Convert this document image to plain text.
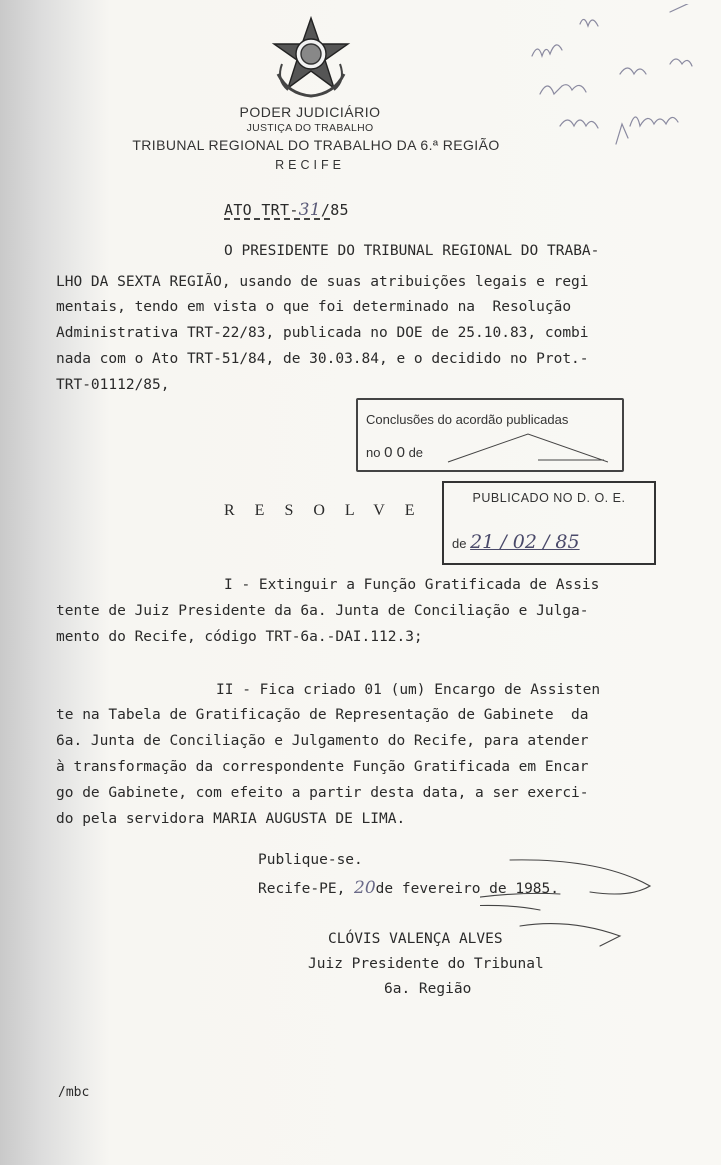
PODER JUDICIÁRIO
JUSTIÇA DO TRABALHO
TRIBUNAL REGIONAL DO TRABALHO DA 6.ª REGIÃO
RECIFE
ATO TRT-31/85
O PRESIDENTE DO TRIBUNAL REGIONAL DO TRABA-
LHO DA SEXTA REGIÃO, usando de suas atribuições legais e regi
mentais, tendo em vista o que foi determinado na  Resolução
Administrativa TRT-22/83, publicada no DOE de 25.10.83, combi
nada com o Ato TRT-51/84, de 30.03.84, e o decidido no Prot.-
TRT-01112/85,
Conclusões do acordão publicadas
no 0 0 de
RESOLVE
PUBLICADO NO D. O. E.
de 21 / 02 / 85
I - Extinguir a Função Gratificada de Assis
tente de Juiz Presidente da 6a. Junta de Conciliação e Julga-
mento do Recife, código TRT-6a.-DAI.112.3;
II - Fica criado 01 (um) Encargo de Assisten
te na Tabela de Gratificação de Representação de Gabinete  da
6a. Junta de Conciliação e Julgamento do Recife, para atender
à transformação da correspondente Função Gratificada em Encar
go de Gabinete, com efeito a partir desta data, a ser exerci-
do pela servidora MARIA AUGUSTA DE LIMA.
Publique-se.
Recife-PE, 20de fevereiro de 1985.
CLÓVIS VALENÇA ALVES
Juiz Presidente do Tribunal
6a. Região
/mbc
